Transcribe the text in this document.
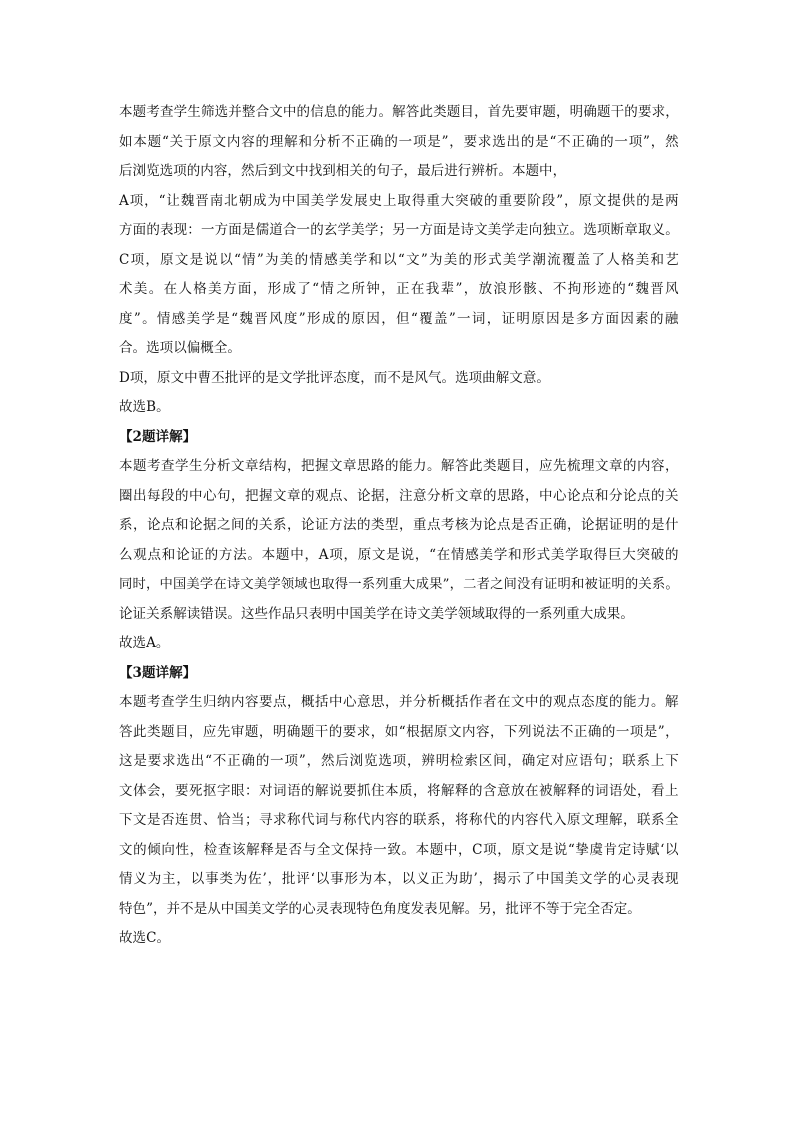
本 题 考 查 学 生 筛 选 并 整 合 文 中 的 信 息 的 能 力 。 解 答 此 类 题 目 ， 首 先 要 审 题 ， 明 确 题 干 的 要 求 ，
如 本 题 “ 关 于 原 文 内 容 的 理 解 和 分 析 不 正 确 的 一 项 是 ” ， 要 求 选 出 的 是 “ 不 正 确 的 一 项 ” ， 然
后浏览选项的内容，然后到文中找到相关的句子，最后进行辨析。本题中，
A 项 ， “ 让 魏 晋 南 北 朝 成 为 中 国 美 学 发 展 史 上 取 得 重 大 突 破 的 重 要 阶 段 ” ， 原 文 提 供 的 是 两
方 面 的 表 现 ： 一 方 面 是 儒 道 合 一 的 玄 学 美 学 ； 另 一 方 面 是 诗 文 美 学 走 向 独 立 。 选 项 断 章 取 义 。
C 项 ， 原 文 是 说 以 “ 情 ” 为 美 的 情 感 美 学 和 以 “ 文 ” 为 美 的 形 式 美 学 潮 流 覆 盖 了 人 格 美 和 艺
术 美 。 在 人 格 美 方 面 ， 形 成 了 “ 情 之 所 钟 ， 正 在 我 辈 ” ， 放 浪 形 骸 、 不 拘 形 迹 的 “ 魏 晋 风
度 ” 。 情 感 美 学 是 “ 魏 晋 风 度 ” 形 成 的 原 因 ， 但 “ 覆 盖 ” 一 词 ， 证 明 原 因 是 多 方 面 因 素 的 融
合。选项以偏概全。
D项，原文中曹丕批评的是文学批评态度，而不是风气。选项曲解文意。
故选B。
【2题详解】
本 题 考 查 学 生 分 析 文 章 结 构 ， 把 握 文 章 思 路 的 能 力 。 解 答 此 类 题 目 ， 应 先 梳 理 文 章 的 内 容 ，
圈 出 每 段 的 中 心 句 ， 把 握 文 章 的 观 点 、 论 据 ， 注 意 分 析 文 章 的 思 路 ， 中 心 论 点 和 分 论 点 的 关
系 ， 论 点 和 论 据 之 间 的 关 系 ， 论 证 方 法 的 类 型 ， 重 点 考 核 为 论 点 是 否 正 确 ， 论 据 证 明 的 是 什
么 观 点 和 论 证 的 方 法 。 本 题 中 ， A 项 ， 原 文 是 说 ， “ 在 情 感 美 学 和 形 式 美 学 取 得 巨 大 突 破 的
同 时 ， 中 国 美 学 在 诗 文 美 学 领 域 也 取 得 一 系 列 重 大 成 果 ” ， 二 者 之 间 没 有 证 明 和 被 证 明 的 关 系 。
论证关系解读错误。这些作品只表明中国美学在诗文美学领域取得的一系列重大成果。
故选A。
【3题详解】
本 题 考 查 学 生 归 纳 内 容 要 点 ， 概 括 中 心 意 思 ， 并 分 析 概 括 作 者 在 文 中 的 观 点 态 度 的 能 力 。 解
答 此 类 题 目 ， 应 先 审 题 ， 明 确 题 干 的 要 求 ， 如 “ 根 据 原 文 内 容 ， 下 列 说 法 不 正 确 的 一 项 是 ” ，
这 是 要 求 选 出 “ 不 正 确 的 一 项 ” ， 然 后 浏 览 选 项 ， 辨 明 检 索 区 间 ， 确 定 对 应 语 句 ； 联 系 上 下
文 体 会 ， 要 死 抠 字 眼 ： 对 词 语 的 解 说 要 抓 住 本 质 ， 将 解 释 的 含 意 放 在 被 解 释 的 词 语 处 ， 看 上
下 文 是 否 连 贯 、 恰 当 ； 寻 求 称 代 词 与 称 代 内 容 的 联 系 ， 将 称 代 的 内 容 代 入 原 文 理 解 ， 联 系 全
文 的 倾 向 性 ， 检 查 该 解 释 是 否 与 全 文 保 持 一 致 。 本 题 中 ， C 项 ， 原 文 是 说 “ 挚 虞 肯 定 诗 赋 ‘ 以
情 义 为 主 ， 以 事 类 为 佐 ’ ， 批 评 ‘ 以 事 形 为 本 ， 以 义 正 为 助 ’ ， 揭 示 了 中 国 美 文 学 的 心 灵 表 现
特色”，并不是从中国美文学的心灵表现特色角度发表见解。另，批评不等于完全否定。
故选C。
